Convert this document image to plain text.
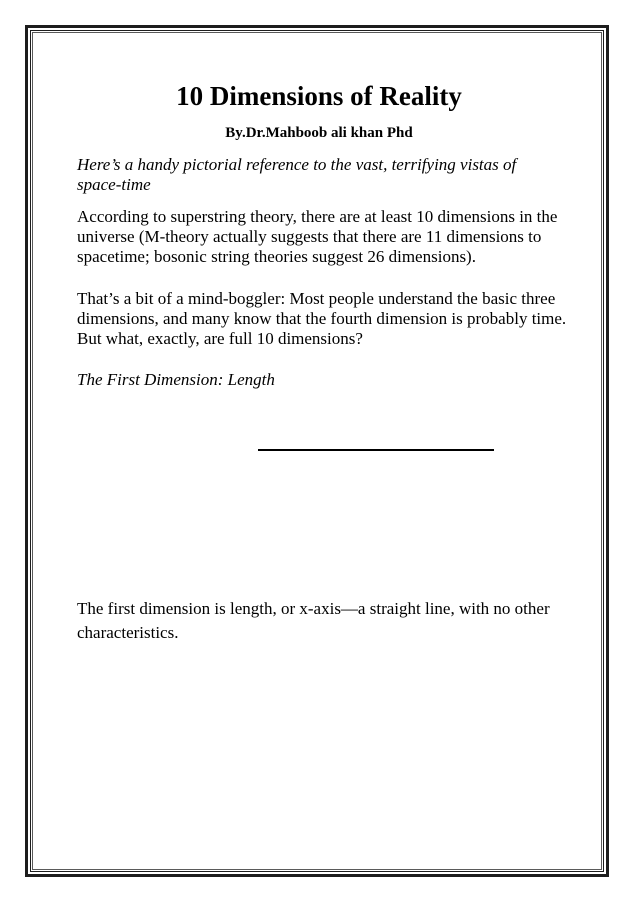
10 Dimensions of Reality
By.Dr.Mahboob ali khan Phd
Here’s a handy pictorial reference to the vast, terrifying vistas of space-time
According to superstring theory, there are at least 10 dimensions in the universe (M-theory actually suggests that there are 11 dimensions to spacetime; bosonic string theories suggest 26 dimensions).
That’s a bit of a mind-boggler: Most people understand the basic three dimensions, and many know that the fourth dimension is probably time. But what, exactly, are full 10 dimensions?
The First Dimension: Length
The first dimension is length, or x-axis—a straight line, with no other characteristics.
